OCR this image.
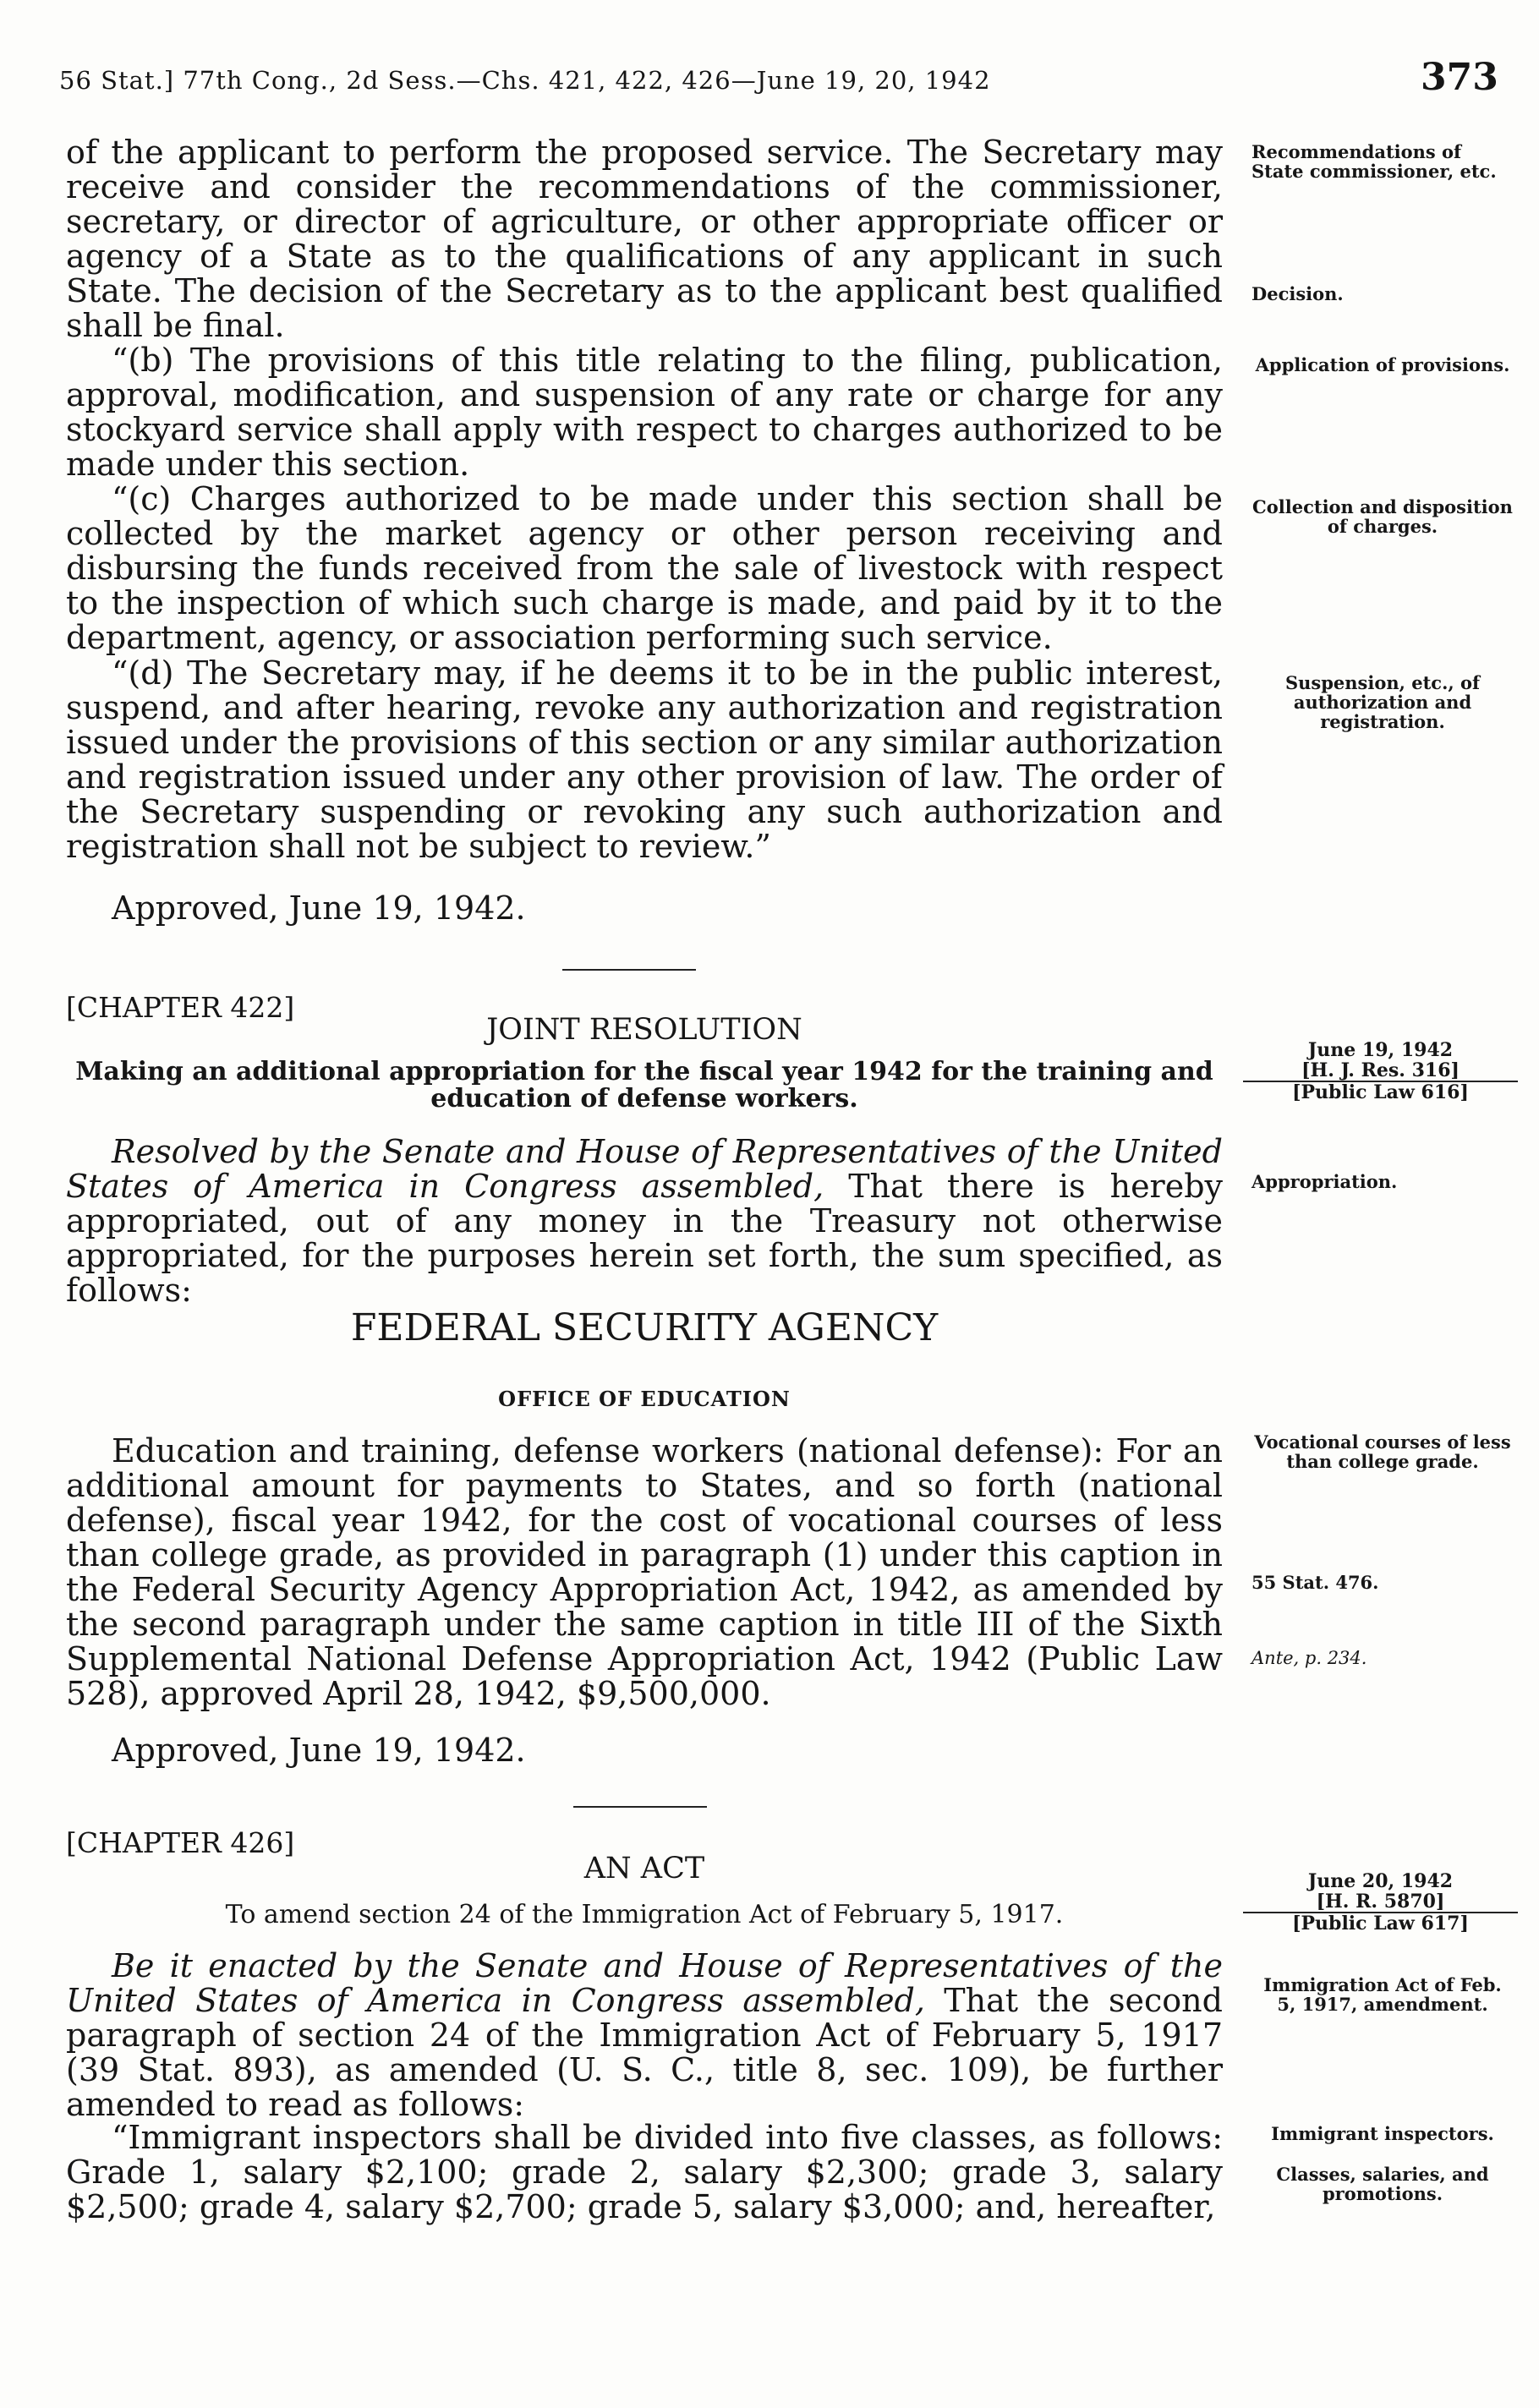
56 Stat.] 77th Cong., 2d Sess.—Chs. 421, 422, 426—June 19, 20, 1942	373

of the applicant to perform the proposed service. The Secretary may receive and consider the recommendations of the commissioner, secretary, or director of agriculture, or other appropriate officer or agency of a State as to the qualifications of any applicant in such State. The decision of the Secretary as to the applicant best qualified shall be final.

“(b) The provisions of this title relating to the filing, publication, approval, modification, and suspension of any rate or charge for any stockyard service shall apply with respect to charges authorized to be made under this section.

“(c) Charges authorized to be made under this section shall be collected by the market agency or other person receiving and disbursing the funds received from the sale of livestock with respect to the inspection of which such charge is made, and paid by it to the department, agency, or association performing such service.

“(d) The Secretary may, if he deems it to be in the public interest, suspend, and after hearing, revoke any authorization and registration issued under the provisions of this section or any similar authorization and registration issued under any other provision of law. The order of the Secretary suspending or revoking any such authorization and registration shall not be subject to review.”

Approved, June 19, 1942.
[CHAPTER 422]
JOINT RESOLUTION

Making an additional appropriation for the fiscal year 1942 for the training and education of defense workers.

Resolved by the Senate and House of Representatives of the United States of America in Congress assembled, That there is hereby appropriated, out of any money in the Treasury not otherwise appropriated, for the purposes herein set forth, the sum specified, as follows:

FEDERAL SECURITY AGENCY
OFFICE OF EDUCATION

Education and training, defense workers (national defense): For an additional amount for payments to States, and so forth (national defense), fiscal year 1942, for the cost of vocational courses of less than college grade, as provided in paragraph (1) under this caption in the Federal Security Agency Appropriation Act, 1942, as amended by the second paragraph under the same caption in title III of the Sixth Supplemental National Defense Appropriation Act, 1942 (Public Law 528), approved April 28, 1942, $9,500,000.

Approved, June 19, 1942.
[CHAPTER 426]
AN ACT

To amend section 24 of the Immigration Act of February 5, 1917.

Be it enacted by the Senate and House of Representatives of the United States of America in Congress assembled, That the second paragraph of section 24 of the Immigration Act of February 5, 1917 (39 Stat. 893), as amended (U. S. C., title 8, sec. 109), be further amended to read as follows:

“Immigrant inspectors shall be divided into five classes, as follows: Grade 1, salary $2,100; grade 2, salary $2,300; grade 3, salary $2,500; grade 4, salary $2,700; grade 5, salary $3,000; and, hereafter,

June 19, 1942
[H. J. Res. 316]
[Public Law 616]
June 20, 1942
[H. R. 5870]
[Public Law 617]
Recommendations of State commissioner, etc.
Decision.
Application of provisions.
Collection and disposition of charges.
Suspension, etc., of authorization and registration.
Appropriation.
Vocational courses of less than college grade.
55 Stat. 476.
Ante, p. 234.
Immigration Act of Feb. 5, 1917, amendment.
Immigrant inspectors.
Classes, salaries, and promotions.
